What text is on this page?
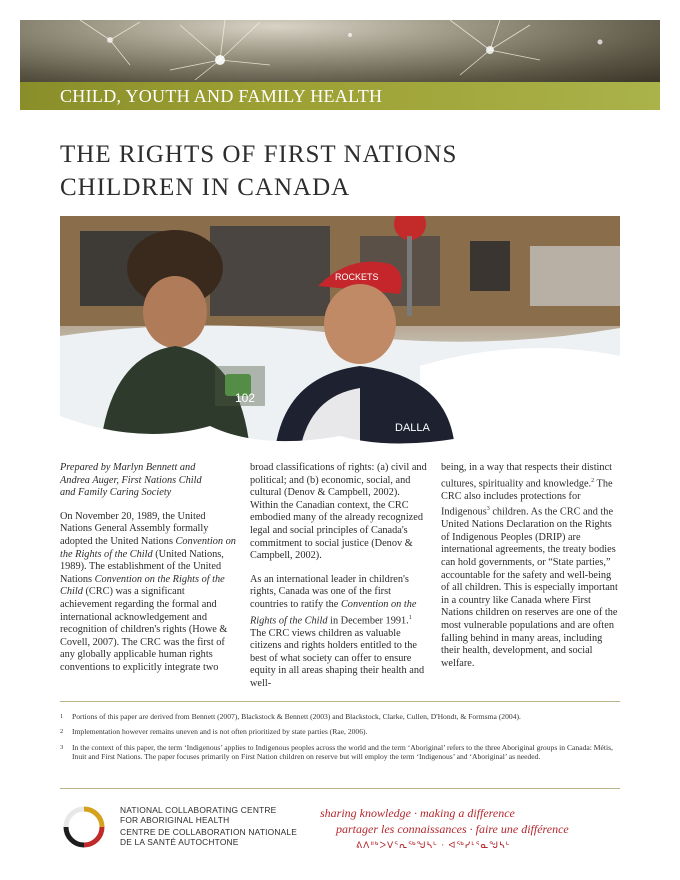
CHILD, YOUTH AND FAMILY HEALTH
THE RIGHTS OF FIRST NATIONS
CHILDREN IN CANADA
102
ROCKETS
DALLA

Prepared by Marlyn Bennett and
Andrea Auger, First Nations Child
and Family Caring Society

On November 20, 1989, the United Nations General Assembly formally adopted the United Nations Convention on the Rights of the Child (United Nations, 1989). The establishment of the United Nations Convention on the Rights of the Child (CRC) was a significant achievement regarding the formal and international acknowledgement and recognition of children's rights (Howe & Covell, 2007). The CRC was the first of any globally applicable human rights conventions to explicitly integrate two

broad classifications of rights: (a) civil and political; and (b) economic, social, and cultural (Denov & Campbell, 2002). Within the Canadian context, the CRC embodied many of the already recognized legal and social principles of Canada's commitment to social justice (Denov & Campbell, 2002).

As an international leader in children's rights, Canada was one of the first countries to ratify the Convention on the Rights of the Child in December 1991.$^1$ The CRC views children as valuable citizens and rights holders entitled to the best of what society can offer to ensure equity in all areas shaping their health and well-

being, in a way that respects their distinct cultures, spirituality and knowledge.$^2$ The CRC also includes protections for Indigenous$^3$ children. As the CRC and the United Nations Declaration on the Rights of Indigenous Peoples (DRIP) are international agreements, the treaty bodies can hold governments, or “State parties,” accountable for the safety and well-being of all children. This is especially important in a country like Canada where First Nations children on reserves are one of the most vulnerable populations and are often falling behind in many areas, including their health, development, and social welfare.

1	Portions of this paper are derived from Bennett (2007), Blackstock & Bennett (2003) and Blackstock, Clarke, Cullen, D'Hondt, & Formsma (2004).
2	Implementation however remains uneven and is not often prioritized by state parties (Rae, 2006).
3	In the context of this paper, the term ‘Indigenous’ applies to Indigenous peoples across the world and the term ‘Aboriginal’ refers to the three Aboriginal groups in Canada: Métis, Inuit and First Nations. The paper focuses primarily on First Nation children on reserve but will employ the term ‘Indigenous’ and ‘Aboriginal’ as needed.

NATIONAL COLLABORATING CENTRE

FOR ABORIGINAL HEALTH

CENTRE DE COLLABORATION NATIONALE

DE LA SANTÉ AUTOCHTONE

sharing knowledge · making a difference

partager les connaissances · faire une différence

ᕕᐱᐦᒃᐳᐯᕐᕆᖅᖑᓴᒡ · ᐊᖅᓯᒻᕐᓇᖑᓴᒡ
